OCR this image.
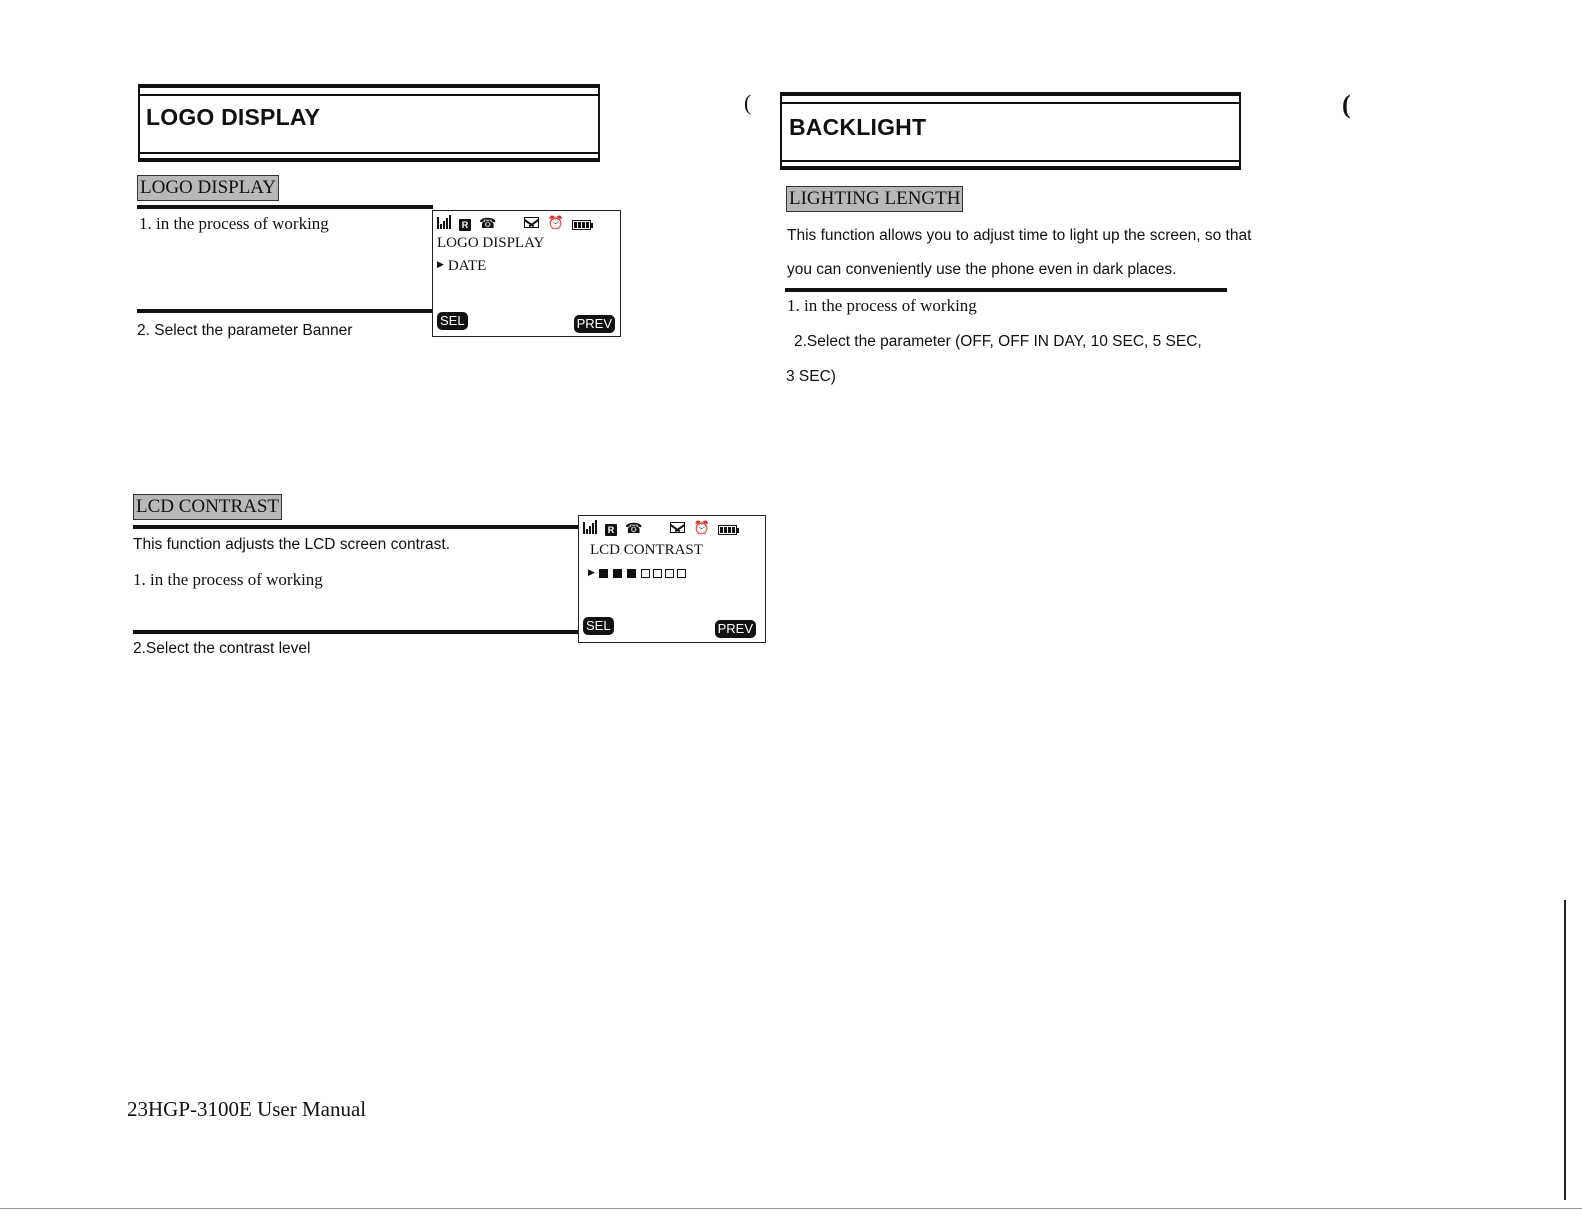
LOGO DISPLAY
LOGO DISPLAY
1. in the process of working
2. Select the parameter Banner
R ☎	⏰
LOGO DISPLAY
▶ DATE
SEL	PREV
LCD CONTRAST
This function adjusts the LCD screen contrast.
1. in the process of working
2.Select the contrast level
R ☎	⏰
LCD CONTRAST
▶
SEL	PREV
(	(
BACKLIGHT
LIGHTING LENGTH
This function allows you to adjust time to light up the screen, so that
you can conveniently use the phone even in dark places.
1. in the process of working
2.Select the parameter (OFF, OFF IN DAY, 10 SEC, 5 SEC,
3 SEC)
23HGP-3100E User Manual
